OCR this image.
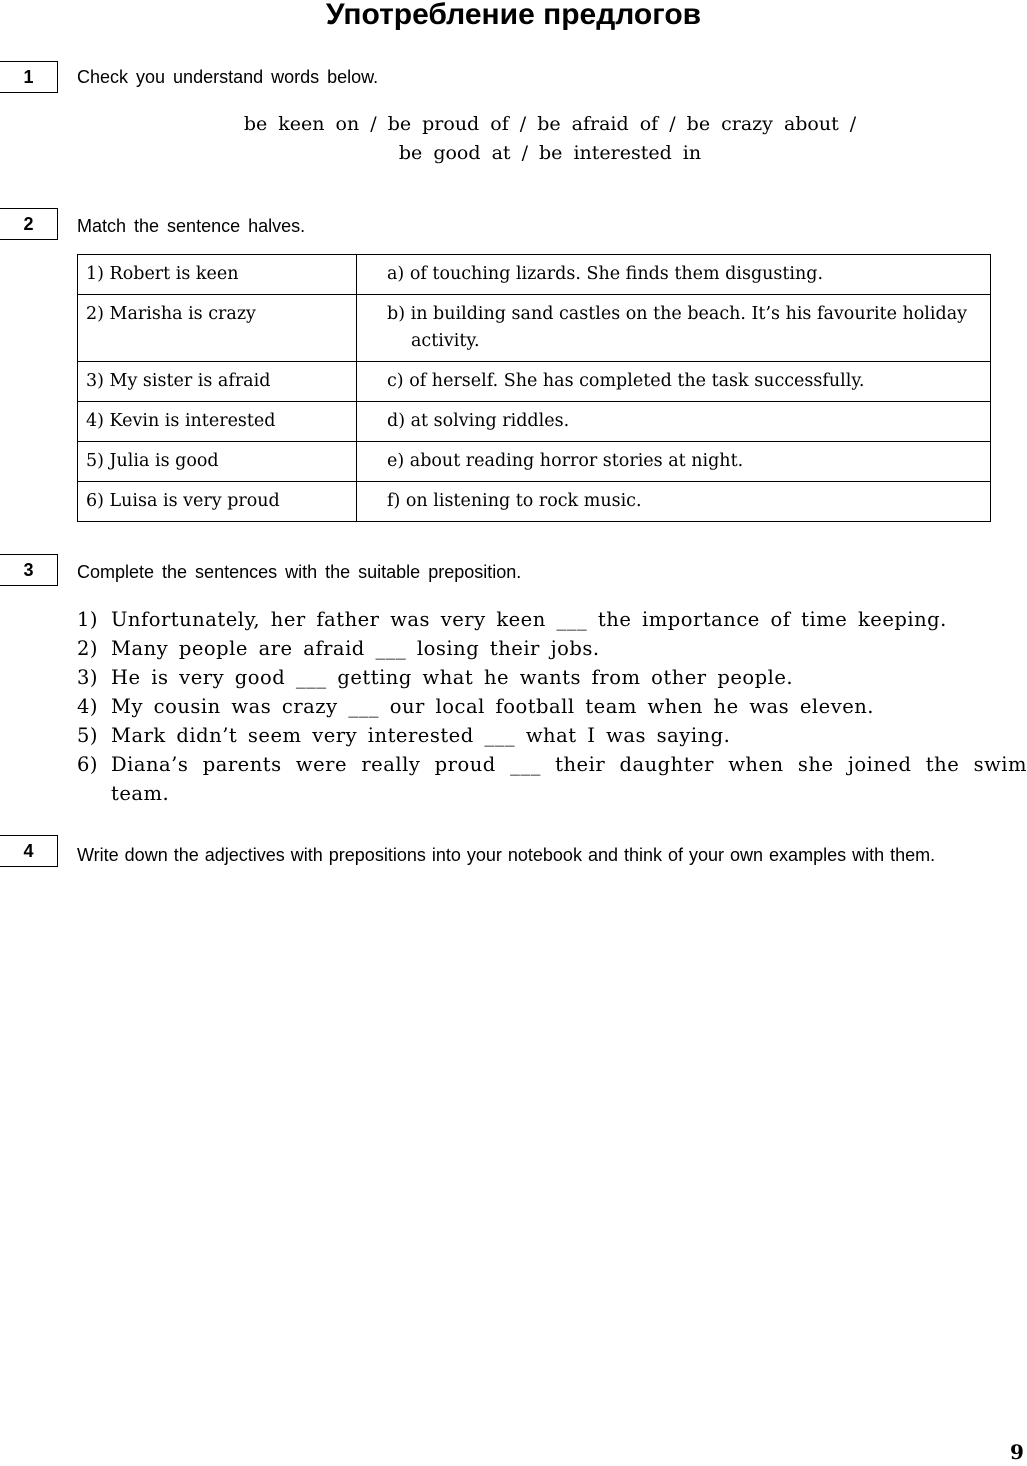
Употребление предлогов
1	Check you understand words below.
be keen on / be proud of / be afraid of / be crazy about /
be good at / be interested in
2	Match the sentence halves.
1) Robert is keen	a) of touching lizards. She finds them disgusting.

2) Marisha is crazy	b) in building sand castles on the beach. It’s his favourite holiday activity.

3) My sister is afraid	c) of herself. She has completed the task successfully.

4) Kevin is interested	d) at solving riddles.

5) Julia is good	e) about reading horror stories at night.

6) Luisa is very proud	f) on listening to rock music.
3	Complete the sentences with the suitable preposition.
1) Unfortunately, her father was very keen ___ the importance of time keeping.
2) Many people are afraid ___ losing their jobs.
3) He is very good ___ getting what he wants from other people.
4) My cousin was crazy ___ our local football team when he was eleven.
5) Mark didn’t seem very interested ___ what I was saying.
6) Diana’s parents were really proud ___ their daughter when she joined the swim team.
4	Write down the adjectives with prepositions into your notebook and think of your own examples with them.
9
